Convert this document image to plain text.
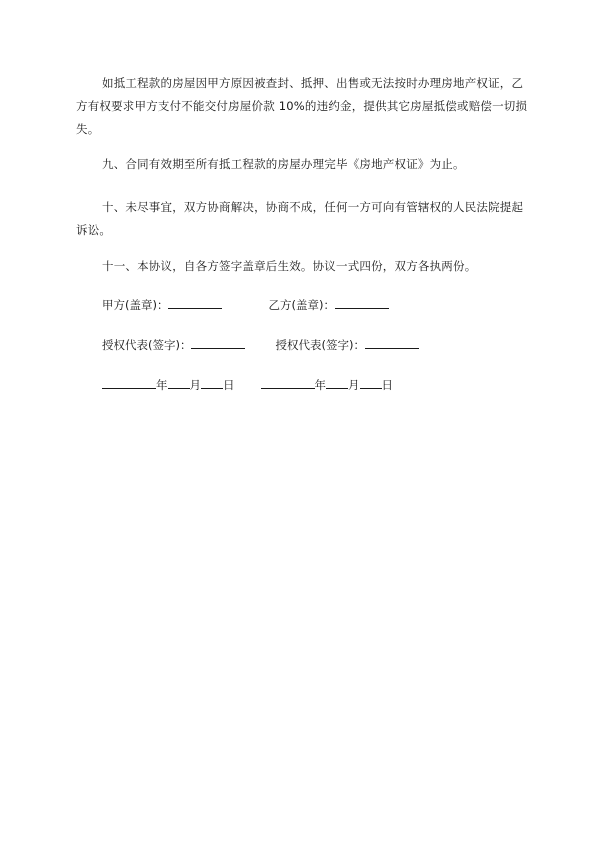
如抵工程款的房屋因甲方原因被查封、抵押、出售或无法按时办理房地产权证，乙方有权要求甲方支付不能交付房屋价款 10%的违约金，提供其它房屋抵偿或赔偿一切损失。

九、合同有效期至所有抵工程款的房屋办理完毕《房地产权证》为止。

十、未尽事宜，双方协商解决，协商不成，任何一方可向有管辖权的人民法院提起诉讼。

十一、本协议，自各方签字盖章后生效。协议一式四份，双方各执两份。

甲方(盖章)：	乙方(盖章)：
授权代表(签字)：	授权代表(签字)：
年 月 日	年 月 日
